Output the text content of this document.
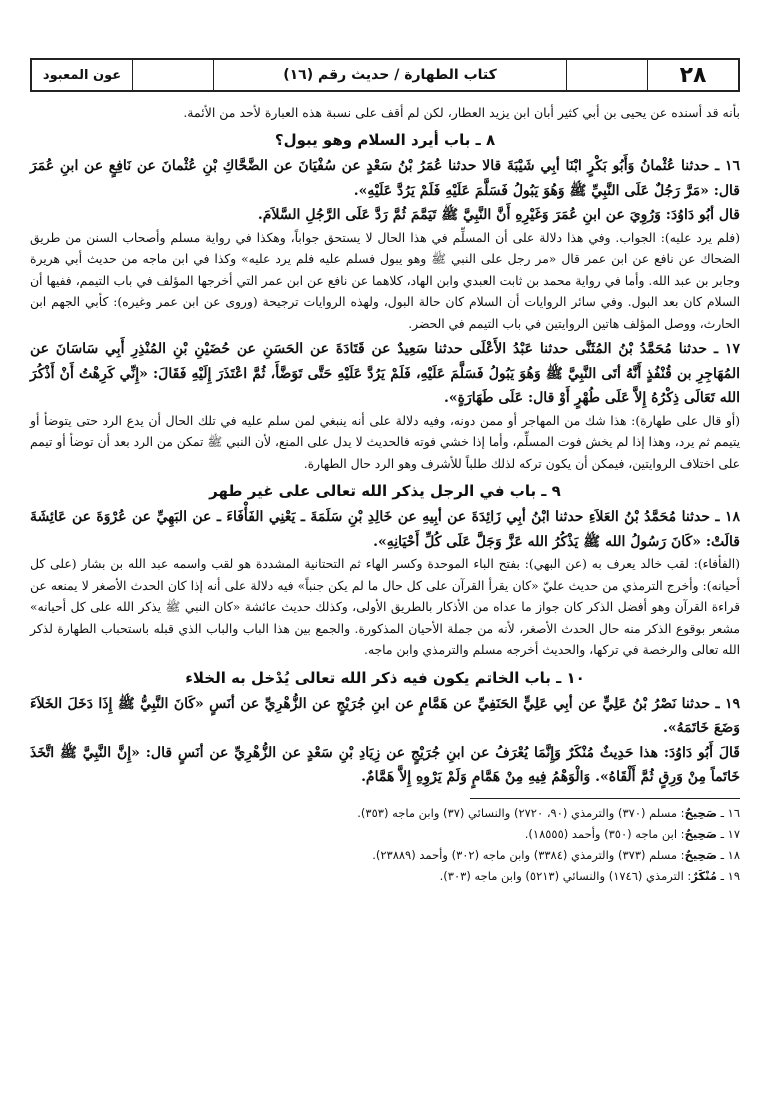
٢٨
كتاب الطهارة / حديث رقم (١٦)
عون المعبود

بأنه قد أسنده عن يحيى بن أبي كثير أبان ابن يزيد العطار، لكن لم أقف على نسبة هذه العبارة لأحد من الأئمة.

٨ ـ باب أيرد السلام وهو يبول؟

١٦ ـ حدثنا عُثْمانُ وَأَبُو بَكْرٍ ابْنَا أبِي شَيْبَةَ قالا حدثنا عُمَرُ بْنُ سَعْدٍ عن سُفْيَانَ عن الضَّحَّاكِ بْنِ عُثْمانَ عن نَافِعٍ عن ابنِ عُمَرَ قال: «مَرَّ رَجُلٌ عَلَى النَّبِيِّ ﷺ وَهُوَ يَبُولُ فَسَلَّمَ عَلَيْهِ فَلَمْ يَرُدَّ عَلَيْهِ».

قال أبُو دَاوُدَ: وَرُوِيَ عن ابنِ عُمَرَ وَغَيْرِهِ أَنَّ النَّبِيَّ ﷺ تَيَمَّمَ ثُمَّ رَدَّ عَلَى الرَّجُلِ السَّلاَمَ.

(فلم يرد عليه): الجواب. وفي هذا دلالة على أن المسلِّم في هذا الحال لا يستحق جواباً، وهكذا في رواية مسلم وأصحاب السنن من طريق الضحاك عن نافع عن ابن عمر قال «مر رجل على النبي ﷺ وهو يبول فسلم عليه فلم يرد عليه» وكذا في ابن ماجه من حديث أبي هريرة وجابر بن عبد الله. وأما في رواية محمد بن ثابت العبدي وابن الهاد، كلاهما عن نافع عن ابن عمر التي أخرجها المؤلف في باب التيمم، ففيها أن السلام كان بعد البول. وفي سائر الروايات أن السلام كان حالة البول، ولهذه الروايات ترجيحة (وروى عن ابن عمر وغيره): كأبي الجهم ابن الحارث، ووصل المؤلف هاتين الروايتين في باب التيمم في الحضر.

١٧ ـ حدثنا مُحَمَّدُ بْنُ المُثَنَّى حدثنا عَبْدُ الأَعْلَى حدثنا سَعِيدٌ عن قَتَادَةَ عن الحَسَنِ عن حُضَيْنِ بْنِ المُنْذِرِ أَبِي سَاسَانَ عن المُهَاجِرِ بن قُنْفُذٍ أَنَّهُ أتَى النَّبِيَّ ﷺ وَهُوَ يَبُولُ فَسَلَّمَ عَلَيْهِ، فَلَمْ يَرُدَّ عَلَيْهِ حَتَّى تَوَضَّأَ، ثُمَّ اعْتَذَرَ إِلَيْهِ فَقَالَ: «إِنِّي كَرِهْتُ أَنْ أَذْكُرَ الله تَعَالَى ذِكْرُهُ إِلاَّ عَلَى طُهْرٍ أَوْ قال: عَلَى طَهَارَةٍ».

(أو قال على طهارة): هذا شك من المهاجر أو ممن دونه، وفيه دلالة على أنه ينبغي لمن سلم عليه في تلك الحال أن يدع الرد حتى يتوضأ أو يتيمم ثم يرد، وهذا إذا لم يخش فوت المسلِّم، وأما إذا خشي فوته فالحديث لا يدل على المنع، لأن النبي ﷺ تمكن من الرد بعد أن توضأ أو تيمم على اختلاف الروايتين، فيمكن أن يكون تركه لذلك طلباً للأشرف وهو الرد حال الطهارة.

٩ ـ باب في الرجل يذكر الله تعالى على غير طهر

١٨ ـ حدثنا مُحَمَّدُ بْنُ العَلاَءِ حدثنا ابْنُ أبِي زَائِدَةَ عن أبِيهِ عن خَالِدِ بْنِ سَلَمَةَ ـ يَعْنِي الفَأْفَاءَ ـ عن البَهِيِّ عن عُرْوَةَ عن عَائِشَةَ قالَتْ: «كَانَ رَسُولُ الله ﷺ يَذْكُرُ الله عَزَّ وَجَلَّ عَلَى كُلِّ أَحْيَانِهِ».

(الفأفاء): لقب خالد يعرف به (عن البهي): بفتح الباء الموحدة وكسر الهاء ثم التحتانية المشددة هو لقب واسمه عبد الله بن بشار (على كل أحيانه): وأخرج الترمذي من حديث عليّ «كان يقرأ القرآن على كل حال ما لم يكن جنباً» فيه دلالة على أنه إذا كان الحدث الأصغر لا يمنعه عن قراءة القرآن وهو أفضل الذكر كان جواز ما عداه من الأذكار بالطريق الأولى، وكذلك حديث عائشة «كان النبي ﷺ يذكر الله على كل أحيانه» مشعر بوقوع الذكر منه حال الحدث الأصغر، لأنه من جملة الأحيان المذكورة. والجمع بين هذا الباب والباب الذي قبله باستحباب الطهارة لذكر الله تعالى والرخصة في تركها، والحديث أخرجه مسلم والترمذي وابن ماجه.

١٠ ـ باب الخاتم يكون فيه ذكر الله تعالى يُدْخل به الخلاء

١٩ ـ حدثنا نَصْرُ بْنُ عَلِيٍّ عن أبِي عَلِيٍّ الحَنَفِيِّ عن هَمَّامٍ عن ابنِ جُرَيْجٍ عن الزُّهْرِيِّ عن أنَسٍ «كَانَ النَّبِيُّ ﷺ إِذَا دَخَلَ الخَلاَءَ وَضَعَ خَاتَمَهُ».

قَالَ أَبُو دَاوُدَ: هذا حَدِيثٌ مُنْكَرٌ وَإِنَّمَا يُعْرَفُ عن ابنِ جُرَيْجٍ عن زِيَادِ بْنِ سَعْدٍ عن الزُّهْرِيِّ عن أنَسٍ قال: «إِنَّ النَّبِيَّ ﷺ اتَّخَذَ خَاتَماً مِنْ وَرِقٍ ثُمَّ أَلْقَاهُ». وَالْوَهْمُ فِيهِ مِنْ هَمَّامٍ وَلَمْ يَرْوِهِ إِلاَّ هَمَّامٌ.

١٦ ـ صَحِيحٌ: مسلم (٣٧٠) والترمذي (٩٠، ٢٧٢٠) والنسائي (٣٧) وابن ماجه (٣٥٣).
١٧ ـ صَحِيحٌ: ابن ماجه (٣٥٠) وأحمد (١٨٥٥٥).
١٨ ـ صَحِيحٌ: مسلم (٣٧٣) والترمذي (٣٣٨٤) وابن ماجه (٣٠٢) وأحمد (٢٣٨٨٩).
١٩ ـ مُنْكَرٌ: الترمذي (١٧٤٦) والنسائي (٥٢١٣) وابن ماجه (٣٠٣).
